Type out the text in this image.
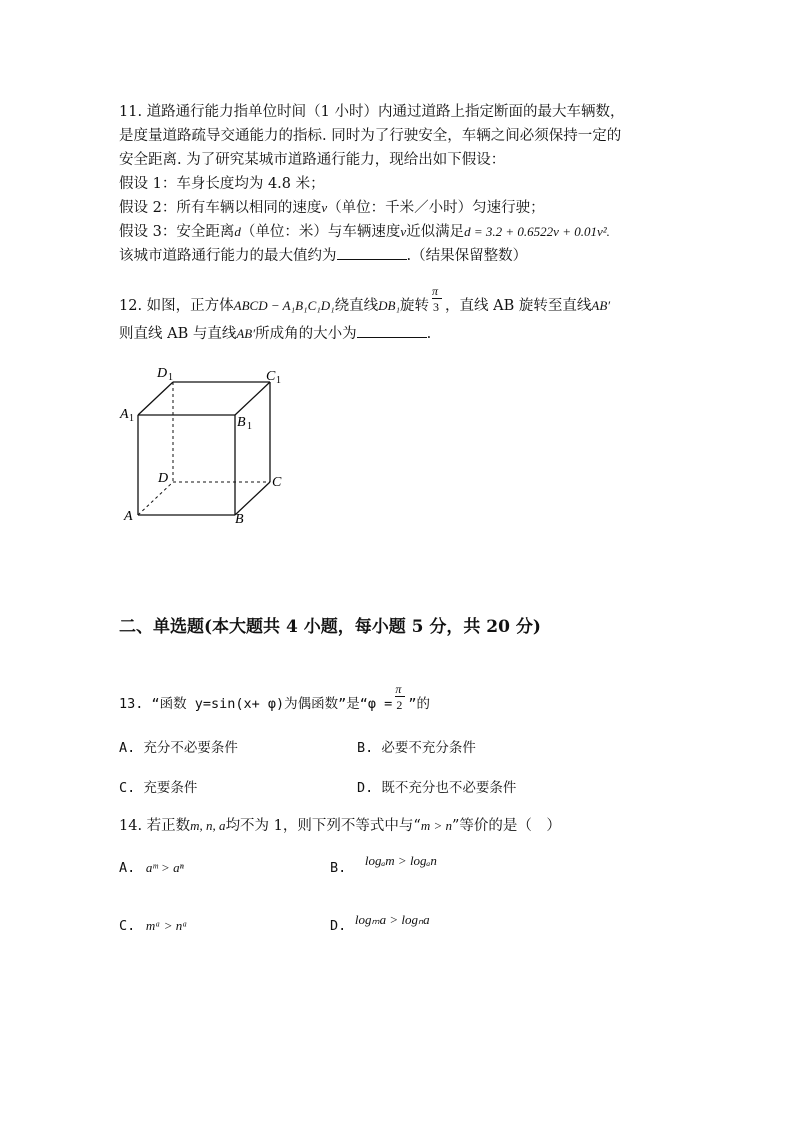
11. 道路通行能力指单位时间（1 小时）内通过道路上指定断面的最大车辆数，
是度量道路疏导交通能力的指标. 同时为了行驶安全，车辆之间必须保持一定的
安全距离. 为了研究某城市道路通行能力，现给出如下假设：
假设 1：车身长度均为 4.8 米；
假设 2：所有车辆以相同的速度v（单位：千米／小时）匀速行驶；
假设 3：安全距离d（单位：米）与车辆速度v近似满足d = 3.2 + 0.6522v + 0.01v².
该城市道路通行能力的最大值约为	.（结果保留整数）
12. 如图，正方体ABCD − A₁B₁C₁D₁绕直线DB₁旋转 $\frac{\pi}{3}$ ，直线 AB 旋转至直线AB′
则直线 AB 与直线AB′所成角的大小为	.
D 1	C 1
A 1	B 1
D	C
A	B
二、单选题(本大题共 4 小题，每小题 5 分，共 20 分)
13. “函数 y=sin(x+ φ)为偶函数”是“$\varphi = \frac{\pi}{2}$ ”的
A. 充分不必要条件	B. 必要不充分条件
C. 充要条件	D. 既不充分也不必要条件
14. 若正数m, n, a均不为 1，则下列不等式中与“m > n”等价的是（　）
A. aᵐ > aⁿ	B. logₐm > logₐn
C. mᵃ > nᵃ	D. logₘa > logₙa
